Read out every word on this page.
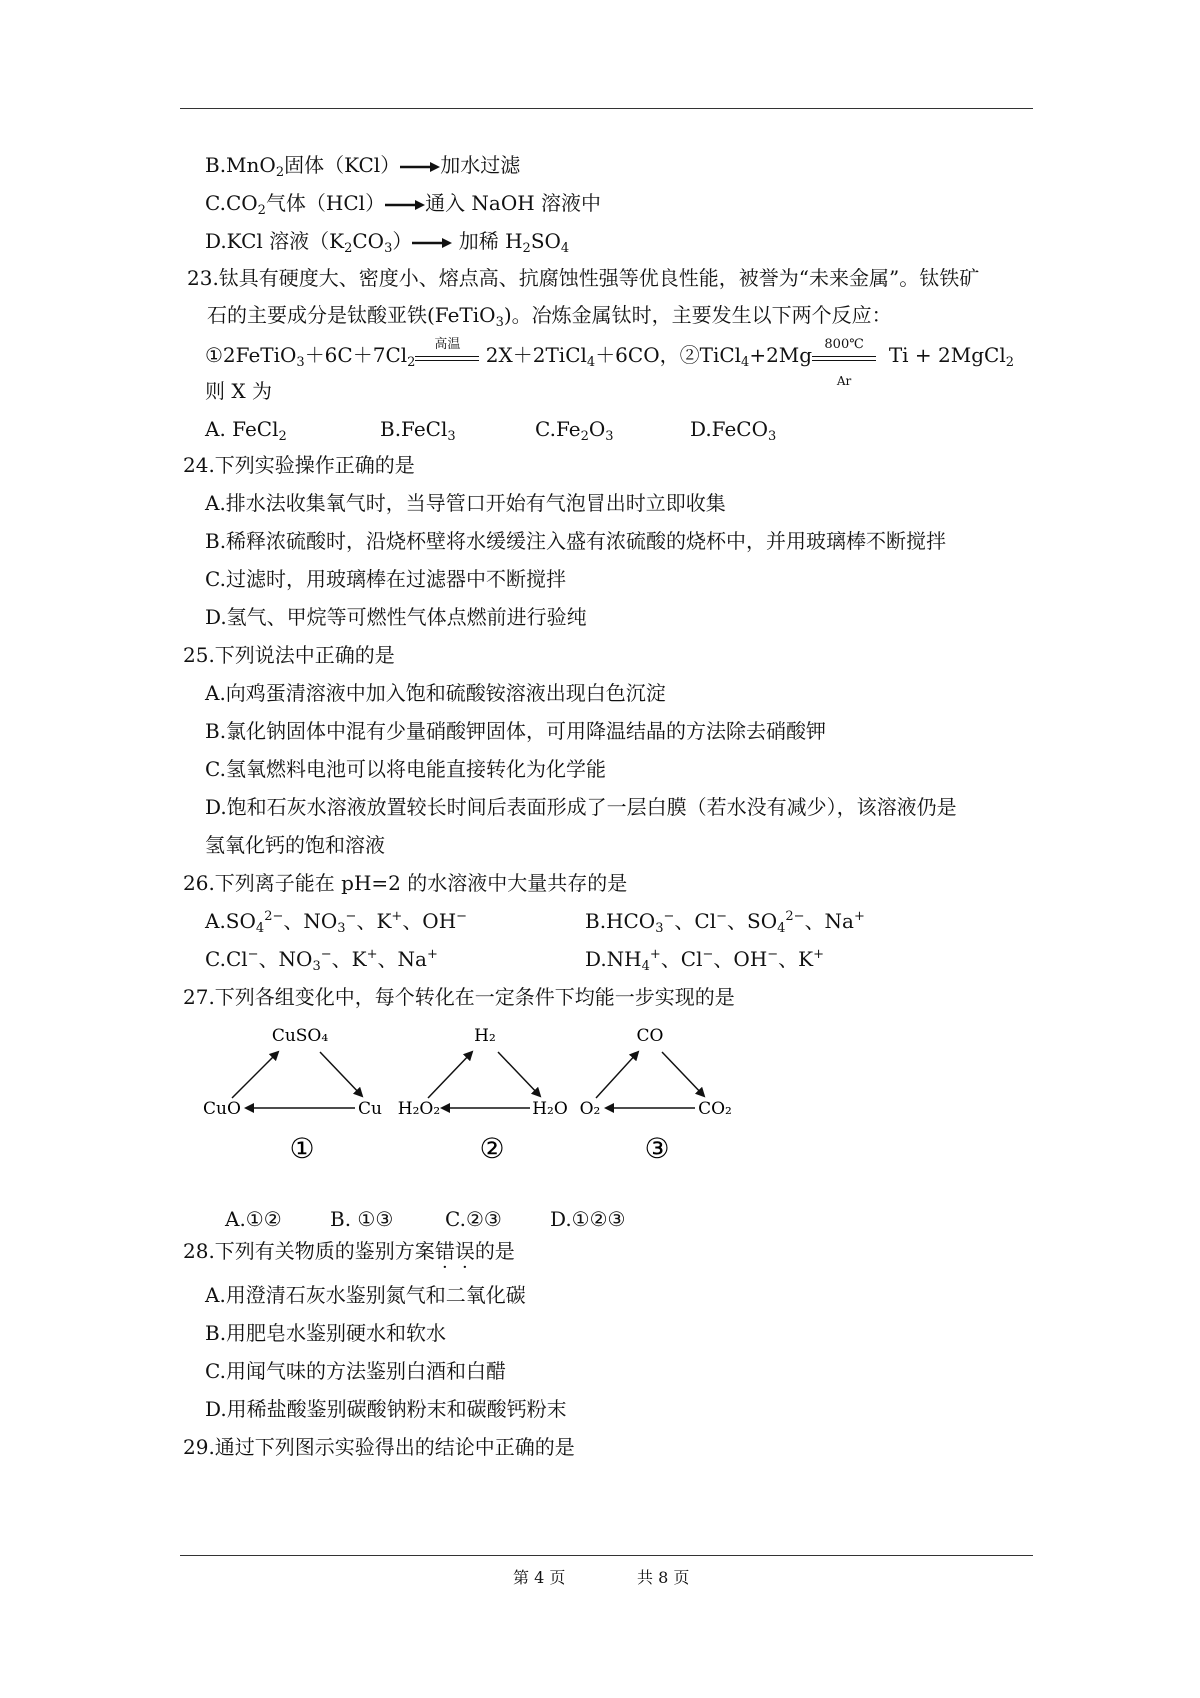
B.MnO$_2$固体（KCl） 加水过滤
$C.CO_2$气体（HCl） 通入 NaOH 溶液中
D.KCl 溶液$(K_2CO_3)$ 加稀 $H_2SO_4$
23.钛具有硬度大、密度小、熔点高、抗腐蚀性强等优良性能，被誉为“未来金属”。钛铁矿
石的主要成分是钛酸亚铁(FeTiO$_3$)。冶炼金属钛时，主要发生以下两个反应：
$①2FeTiO_3+6C+7Cl_2$
高温	2X＋2TiCl$_4$＋6CO，②TiCl$_4$+2Mg $\frac{800℃}{Ar}$ Ti + 2MgCl$_2$
则 X 为
A. FeCl$_2$	B.FeCl$_3$	$C.Fe_2O_3$	D.FeCO$_3$
24.下列实验操作正确的是
A.排水法收集氧气时，当导管口开始有气泡冒出时立即收集
B.稀释浓硫酸时，沿烧杯壁将水缓缓注入盛有浓硫酸的烧杯中，并用玻璃棒不断搅拌
C.过滤时，用玻璃棒在过滤器中不断搅拌
D.氢气、甲烷等可燃性气体点燃前进行验纯
25.下列说法中正确的是
A.向鸡蛋清溶液中加入饱和硫酸铵溶液出现白色沉淀
B.氯化钠固体中混有少量硝酸钾固体，可用降温结晶的方法除去硝酸钾
C.氢氧燃料电池可以将电能直接转化为化学能
D.饱和石灰水溶液放置较长时间后表面形成了一层白膜（若水没有减少），该溶液仍是
氢氧化钙的饱和溶液
26.下列离子能在 pH=2 的水溶液中大量共存的是
$A.SO_4^{2-}$、$NO_3^-$、K+、OH−	$B.HCO_3^-$、Cl−、$SO_4^{2-}$、Na+
C.Cl−、$NO_3^-$、K+、Na+	$D.NH_4^+$、Cl−、OH−、K+
27.下列各组变化中，每个转化在一定条件下均能一步实现的是
CuSO₄
CuO	Cu
①
H₂
H₂O₂	H₂O
②
CO
O₂	CO₂
③
A.①② B. ①③	C.②③ D.①②③
28.下列有关物质的鉴别方案错误的是
A.用澄清石灰水鉴别氮气和二氧化碳
B.用肥皂水鉴别硬水和软水
C.用闻气味的方法鉴别白酒和白醋
D.用稀盐酸鉴别碳酸钠粉末和碳酸钙粉末
29.通过下列图示实验得出的结论中正确的是
第 4 页	共 8 页
